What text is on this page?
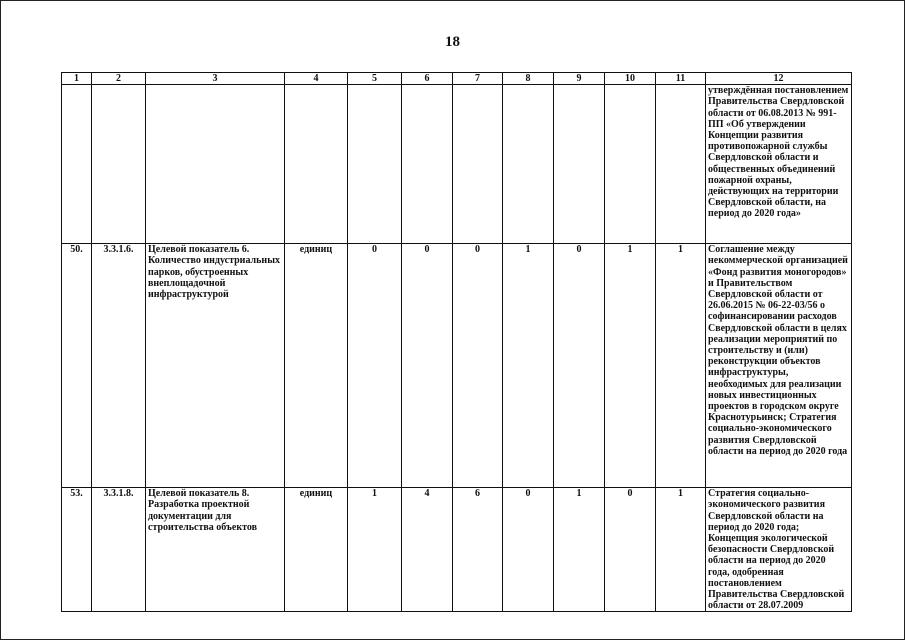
18
1	2	3	4	5	6	7	8	9	10	11	12
											утверждённая постановлением Правительства Свердловской области от 06.08.2013 № 991-ПП «Об утверждении Концепции развития противопожарной службы Свердловской области и общественных объединений пожарной охраны, действующих на территории Свердловской области, на период до 2020 года»
50.	3.3.1.6.	Целевой показатель 6. Количество индустриальных парков, обустроенных внеплощадочной инфраструктурой	единиц	0	0	0	1	0	1	1	Соглашение между некоммерческой организацией «Фонд развития моногородов» и Правительством Свердловской области от 26.06.2015 № 06-22-03/56 о софинансировании расходов Свердловской области в целях реализации мероприятий по строительству и (или) реконструкции объектов инфраструктуры, необходимых для реализации новых инвестиционных проектов в городском округе Краснотурьинск; Стратегия социально-экономического развития Свердловской области на период до 2020 года
53.	3.3.1.8.	Целевой показатель 8. Разработка проектной документации для строительства объектов	единиц	1	4	6	0	1	0	1	Стратегия социально-экономического развития Свердловской области на период до 2020 года; Концепция экологической безопасности Свердловской области на период до 2020 года, одобренная постановлением Правительства Свердловской области от 28.07.2009
